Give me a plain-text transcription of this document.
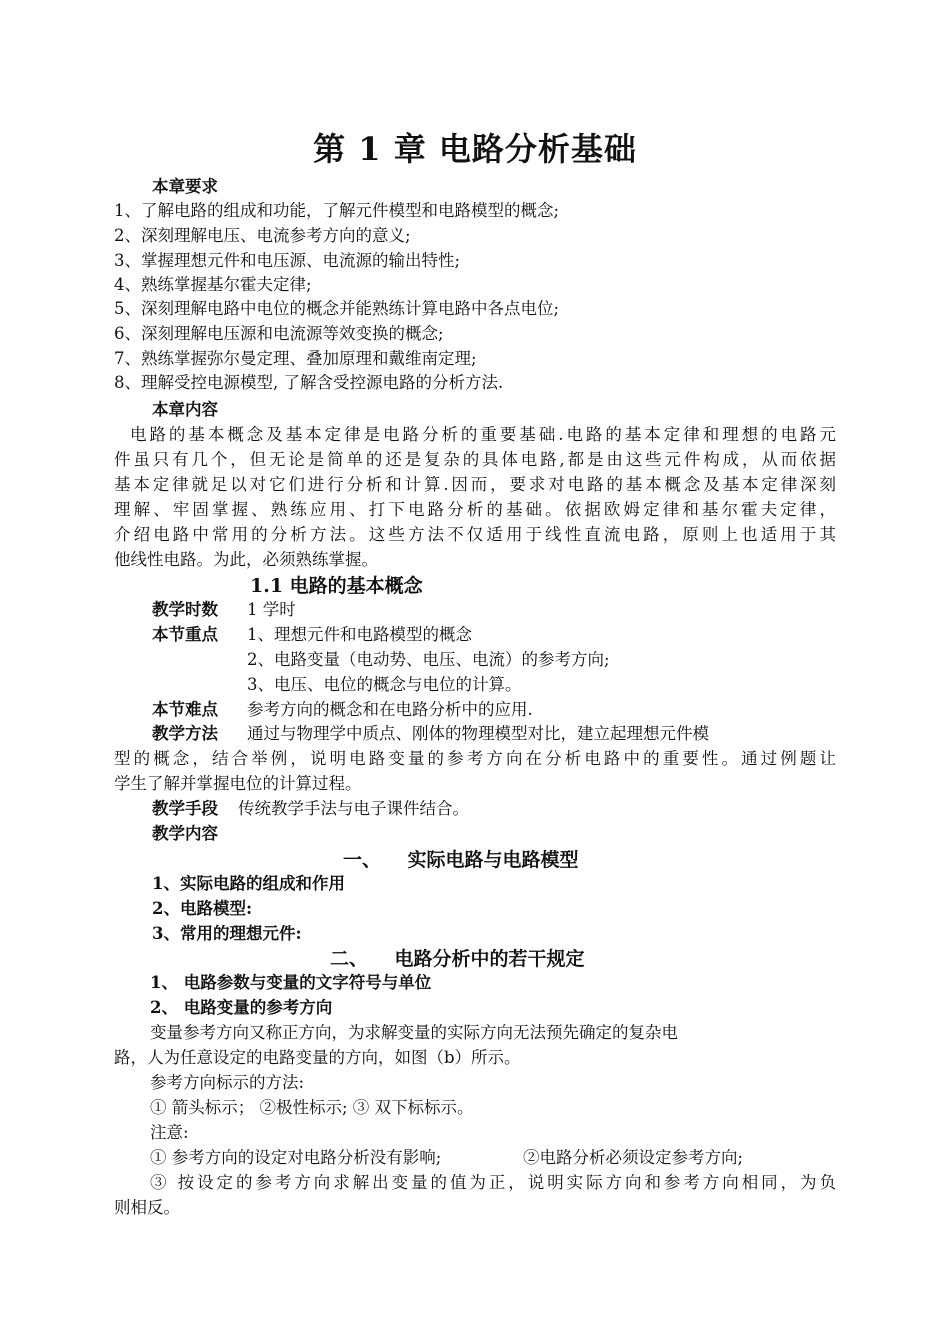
第 1 章 电路分析基础
本章要求
1、了解电路的组成和功能，了解元件模型和电路模型的概念;
2、深刻理解电压、电流参考方向的意义;
3、掌握理想元件和电压源、电流源的输出特性;
4、熟练掌握基尔霍夫定律;
5、深刻理解电路中电位的概念并能熟练计算电路中各点电位;
6、深刻理解电压源和电流源等效变换的概念;
7、熟练掌握弥尔曼定理、叠加原理和戴维南定理;
8、理解受控电源模型, 了解含受控源电路的分析方法.
本章内容
电路的基本概念及基本定律是电路分析的重要基础.电路的基本定律和理想的电路元
件虽只有几个，但无论是简单的还是复杂的具体电路,都是由这些元件构成，从而依据
基本定律就足以对它们进行分析和计算.因而，要求对电路的基本概念及基本定律深刻
理解、牢固掌握、熟练应用、打下电路分析的基础。依据欧姆定律和基尔霍夫定律，
介绍电路中常用的分析方法。这些方法不仅适用于线性直流电路，原则上也适用于其
他线性电路。为此，必须熟练掌握。
1.1 电路的基本概念
教学时数 1 学时
本节重点 1、理想元件和电路模型的概念
2、电路变量（电动势、电压、电流）的参考方向;
3、电压、电位的概念与电位的计算。
本节难点 参考方向的概念和在电路分析中的应用.
教学方法 通过与物理学中质点、刚体的物理模型对比，建立起理想元件模
型的概念，结合举例，说明电路变量的参考方向在分析电路中的重要性。通过例题让
学生了解并掌握电位的计算过程。
教学手段 传统教学手法与电子课件结合。
教学内容
一、    实际电路与电路模型
1、实际电路的组成和作用
2、电路模型:
3、常用的理想元件:
二、    电路分析中的若干规定
1、 电路参数与变量的文字符号与单位
2、 电路变量的参考方向
变量参考方向又称正方向，为求解变量的实际方向无法预先确定的复杂电
路，人为任意设定的电路变量的方向，如图（b）所示。
参考方向标示的方法:
① 箭头标示； ②极性标示; ③ 双下标标示。
注意:
① 参考方向的设定对电路分析没有影响;	②电路分析必须设定参考方向;
③ 按设定的参考方向求解出变量的值为正，说明实际方向和参考方向相同，为负
则相反。
